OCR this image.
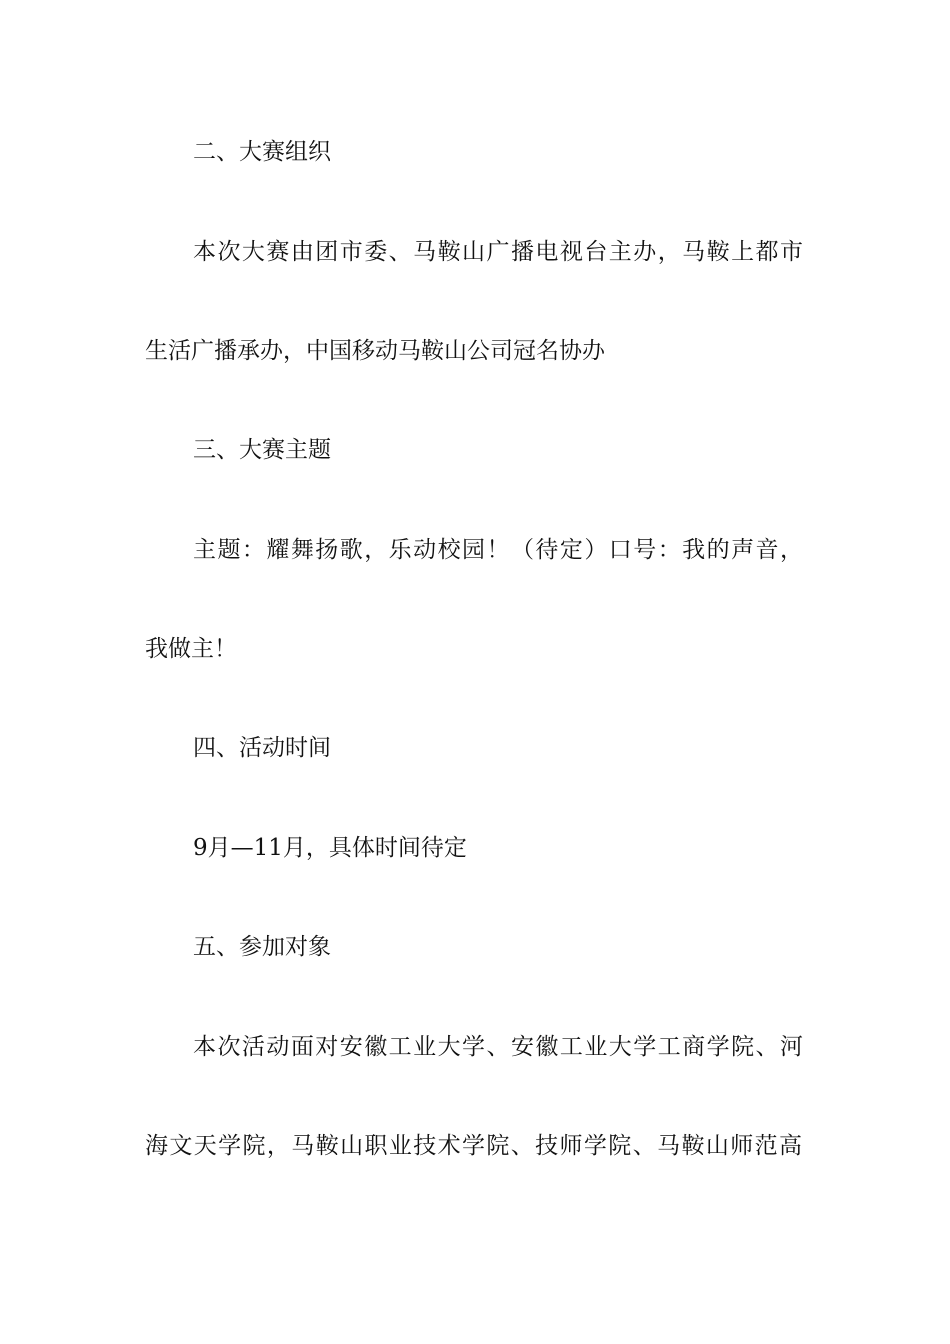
二、大赛组织
本次大赛由团市委、马鞍山广播电视台主办，马鞍上都市
生活广播承办，中国移动马鞍山公司冠名协办
三、大赛主题
主题：耀舞扬歌，乐动校园！（待定）口号：我的声音，
我做主！
四、活动时间
9月—11月，具体时间待定
五、参加对象
本次活动面对安徽工业大学、安徽工业大学工商学院、河
海文天学院，马鞍山职业技术学院、技师学院、马鞍山师范高
